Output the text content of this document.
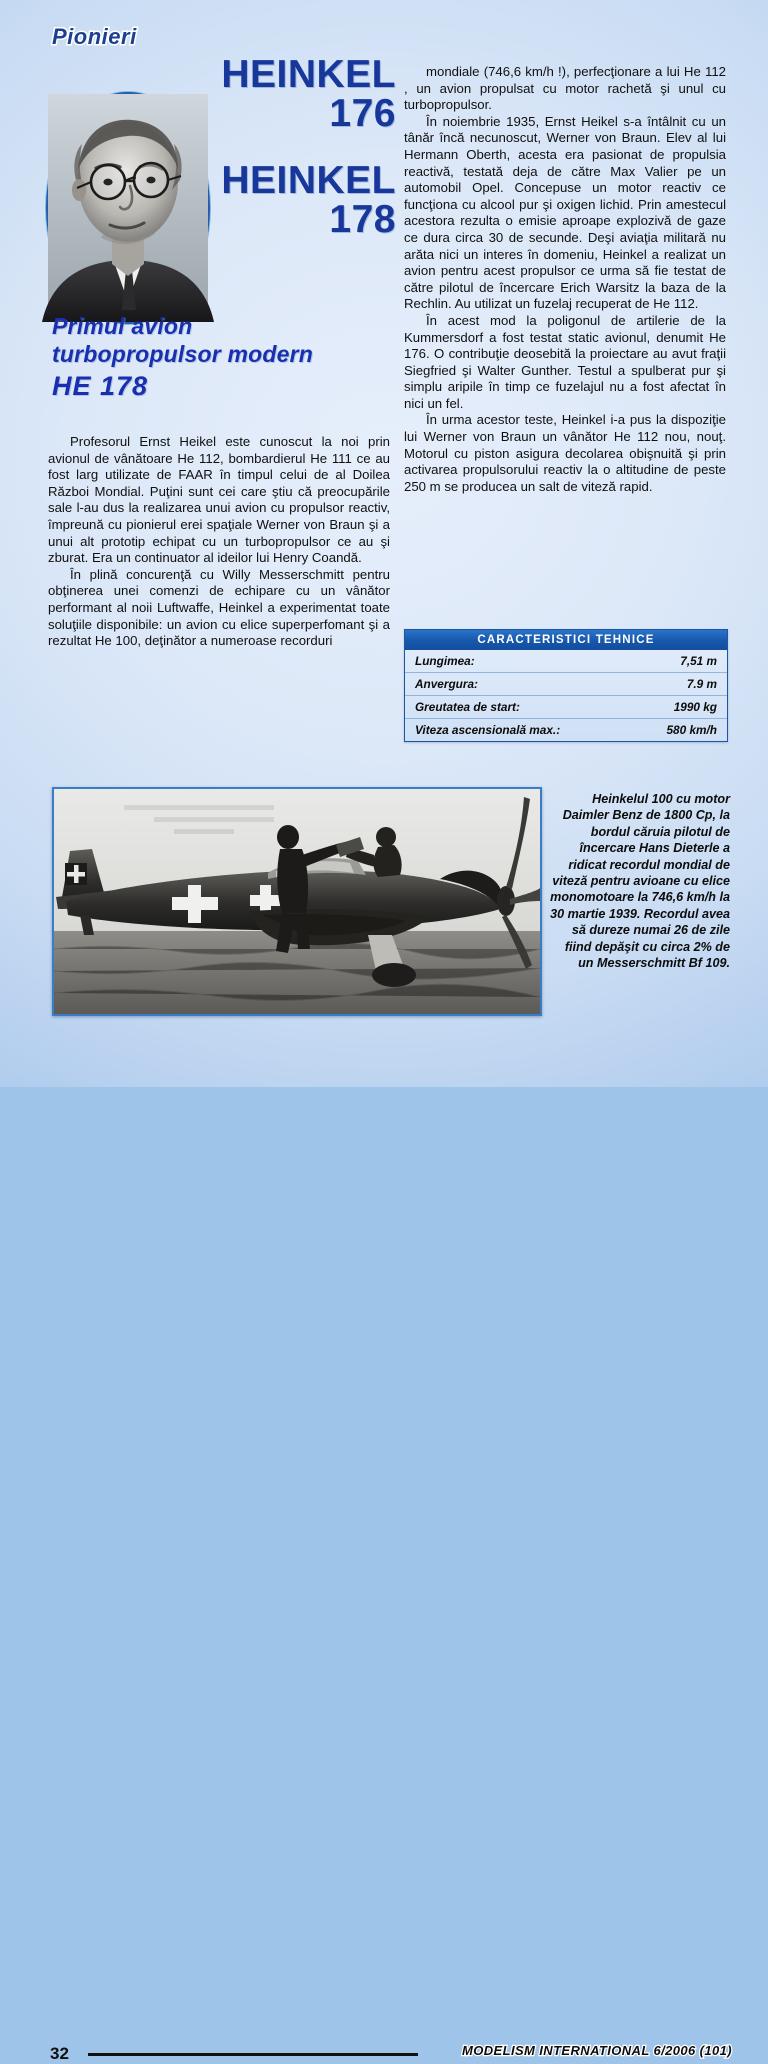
Pionieri
HEINKEL
176
HEINKEL
178
Primul avion
turbopropulsor modern
HE 178

Profesorul Ernst Heikel este cunoscut la noi prin avionul de vânătoare He 112, bombardierul He 111 ce au fost larg utilizate de FAAR în timpul celui de al Doilea Război Mondial. Puţini sunt cei care ştiu că preocupările sale l-au dus la realizarea unui avion cu propulsor reactiv, împreună cu pionierul erei spaţiale Werner von Braun şi a unui alt prototip echipat cu un turbopropulsor ce au şi zburat. Era un continuator al ideilor lui Henry Coandă.

În plină concurenţă cu Willy Messerschmitt pentru obţinerea unei comenzi de echipare cu un vânător performant al noii Luftwaffe, Heinkel a experimentat toate soluţiile disponibile: un avion cu elice superperfomant şi a rezultat He 100, deţinător a numeroase recorduri

mondiale (746,6 km/h !), perfecţionare a lui He 112 , un avion propulsat cu motor rachetă şi unul cu turbopropulsor.

În noiembrie 1935, Ernst Heikel s-a întâlnit cu un tânăr încă necunoscut, Werner von Braun. Elev al lui Hermann Oberth, acesta era pasionat de propulsia reactivă, testată deja de către Max Valier pe un automobil Opel. Concepuse un motor reactiv ce funcţiona cu alcool pur şi oxigen lichid. Prin amestecul acestora rezulta o emisie aproape explozivă de gaze ce dura circa 30 de secunde. Deşi aviaţia militară nu arăta nici un interes în domeniu, Heinkel a realizat un avion pentru acest propulsor ce urma să fie testat de către pilotul de încercare Erich Warsitz la baza de la Rechlin. Au utilizat un fuzelaj recuperat de He 112.

În acest mod la poligonul de artilerie de la Kummersdorf a fost testat static avionul, denumit He 176. O contribuţie deosebită la proiectare au avut fraţii Siegfried şi Walter Gunther. Testul a spulberat pur şi simplu aripile în timp ce fuzelajul nu a fost afectat în nici un fel.

În urma acestor teste, Heinkel i-a pus la dispoziţie lui Werner von Braun un vânător He 112 nou, nouţ. Motorul cu piston asigura decolarea obişnuită şi prin activarea propulsorului reactiv la o altitudine de peste 250 m se producea un salt de viteză rapid.

CARACTERISTICI TEHNICE
Lungimea:	7,51 m
Anvergura:	7.9 m
Greutatea de start:	1990 kg
Viteza ascensională max.:	580 km/h
Heinkelul 100 cu motor Daimler Benz de 1800 Cp, la bordul căruia pilotul de încercare Hans Dieterle a ridicat recordul mondial de viteză pentru avioane cu elice monomotoare la 746,6 km/h la 30 martie 1939. Recordul avea să dureze numai 26 de zile fiind depăşit cu circa 2% de un Messerschmitt Bf 109.
32	MODELISM INTERNATIONAL 6/2006 (101)
